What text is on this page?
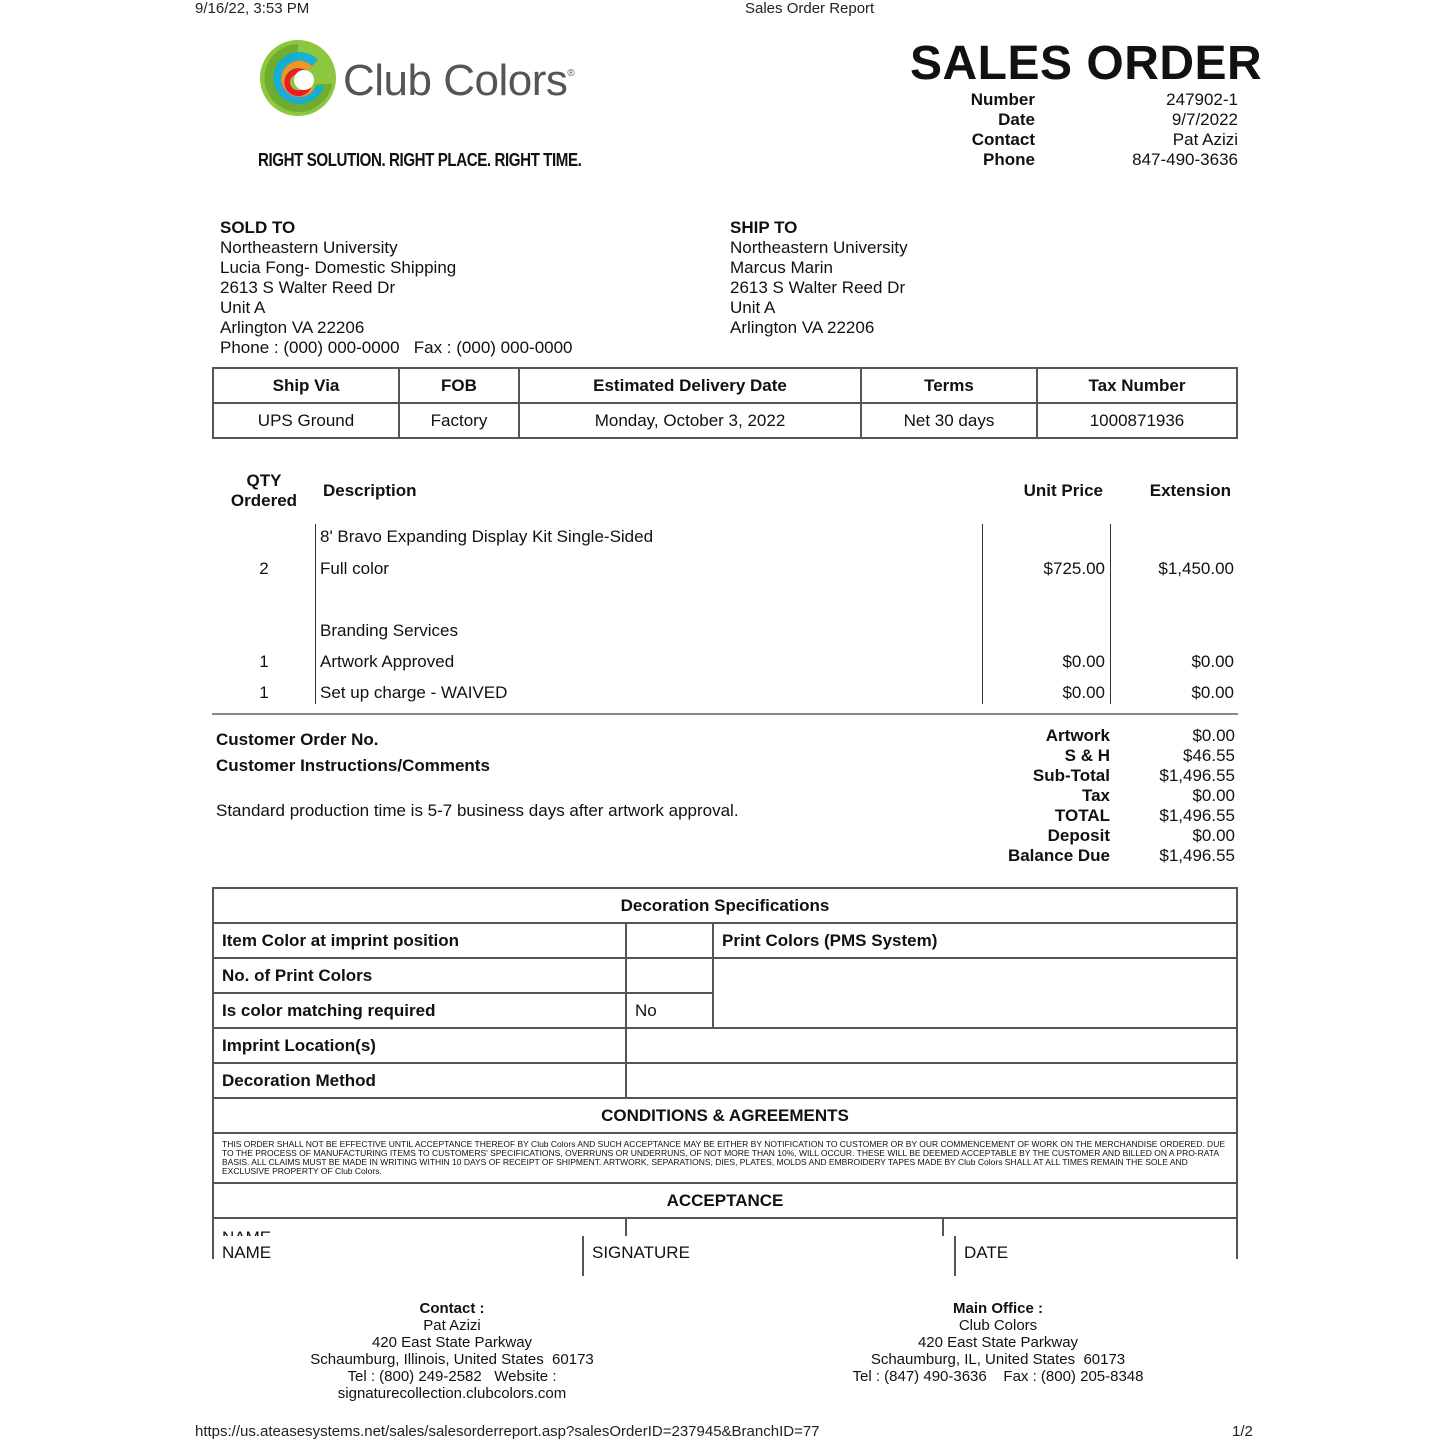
9/16/22, 3:53 PM	Sales Order Report
Club Colors®
RIGHT SOLUTION. RIGHT PLACE. RIGHT TIME.
SALES ORDER
Number	247902-1
Date	9/7/2022
Contact	Pat Azizi
Phone	847-490-3636
SOLD TO
Northeastern University
Lucia Fong- Domestic Shipping
2613 S Walter Reed Dr
Unit A
Arlington VA 22206
Phone : (000) 000-0000   Fax : (000) 000-0000
SHIP TO
Northeastern University
Marcus Marin
2613 S Walter Reed Dr
Unit A
Arlington VA 22206
Ship Via	FOB	Estimated Delivery Date	Terms	Tax Number
UPS Ground	Factory	Monday, October 3, 2022	Net 30 days	1000871936
QTY
Ordered
Description	Unit Price	Extension
8' Bravo Expanding Display Kit Single-Sided
2	Full color	$725.00	$1,450.00
Branding Services
1	Artwork Approved	$0.00	$0.00
1	Set up charge - WAIVED	$0.00	$0.00
Customer Order No.
Customer Instructions/Comments
Standard production time is 5-7 business days after artwork approval.
Artwork	$0.00
S & H	$46.55
Sub-Total	$1,496.55
Tax	$0.00
TOTAL	$1,496.55
Deposit	$0.00
Balance Due	$1,496.55
Decoration Specifications			
Item Color at imprint position		Print Colors (PMS System)	
No. of Print Colors			
Is color matching required	No		
Imprint Location(s)			
Decoration Method			
CONDITIONS & AGREEMENTS			
THIS ORDER SHALL NOT BE EFFECTIVE UNTIL ACCEPTANCE THEREOF BY Club Colors AND SUCH ACCEPTANCE MAY BE EITHER BY NOTIFICATION TO CUSTOMER OR BY OUR COMMENCEMENT OF WORK ON THE MERCHANDISE ORDERED. DUE TO THE PROCESS OF MANUFACTURING ITEMS TO CUSTOMERS' SPECIFICATIONS, OVERRUNS OR UNDERRUNS, OF NOT MORE THAN 10%, WILL OCCUR. THESE WILL BE DEEMED ACCEPTABLE BY THE CUSTOMER AND BILLED ON A PRO-RATA BASIS. ALL CLAIMS MUST BE MADE IN WRITING WITHIN 10 DAYS OF RECEIPT OF SHIPMENT. ARTWORK, SEPARATIONS, DIES, PLATES, MOLDS AND EMBROIDERY TAPES MADE BY Club Colors SHALL AT ALL TIMES REMAIN THE SOLE AND EXCLUSIVE PROPERTY OF Club Colors.			
ACCEPTANCE			

NAME	SIGNATURE	DATE
Contact :
Pat Azizi
420 East State Parkway
Schaumburg, Illinois, United States  60173
Tel : (800) 249-2582   Website :
signaturecollection.clubcolors.com
Main Office :
Club Colors
420 East State Parkway
Schaumburg, IL, United States  60173
Tel : (847) 490-3636    Fax : (800) 205-8348
https://us.ateasesystems.net/sales/salesorderreport.asp?salesOrderID=237945&BranchID=77	1/2
